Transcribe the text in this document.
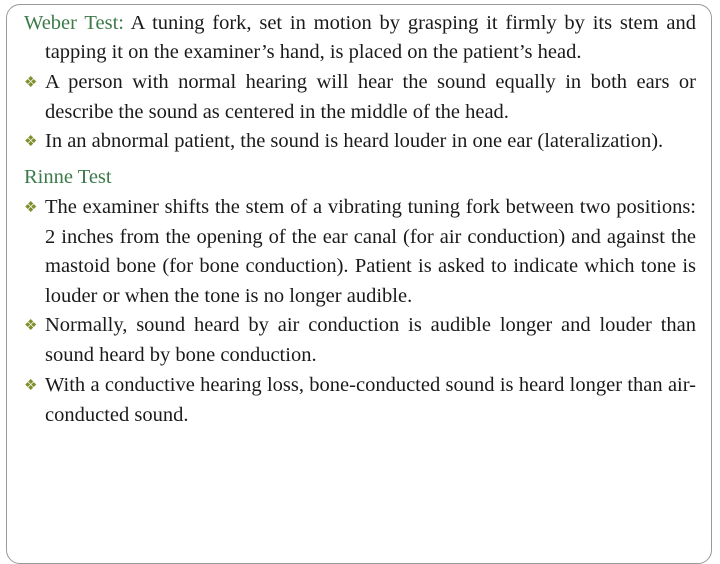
Weber Test: A tuning fork, set in motion by grasping it firmly by its stem and tapping it on the examiner’s hand, is placed on the patient’s head.
❖A person with normal hearing will hear the sound equally in both ears or describe the sound as centered in the middle of the head.
❖In an abnormal patient, the sound is heard louder in one ear (lateralization).
Rinne Test
❖The examiner shifts the stem of a vibrating tuning fork between two positions: 2 inches from the opening of the ear canal (for air conduction) and against the mastoid bone (for bone conduction). Patient is asked to indicate which tone is louder or when the tone is no longer audible.
❖Normally, sound heard by air conduction is audible longer and louder than sound heard by bone conduction.
❖With a conductive hearing loss, bone-conducted sound is heard longer than air-conducted sound.
